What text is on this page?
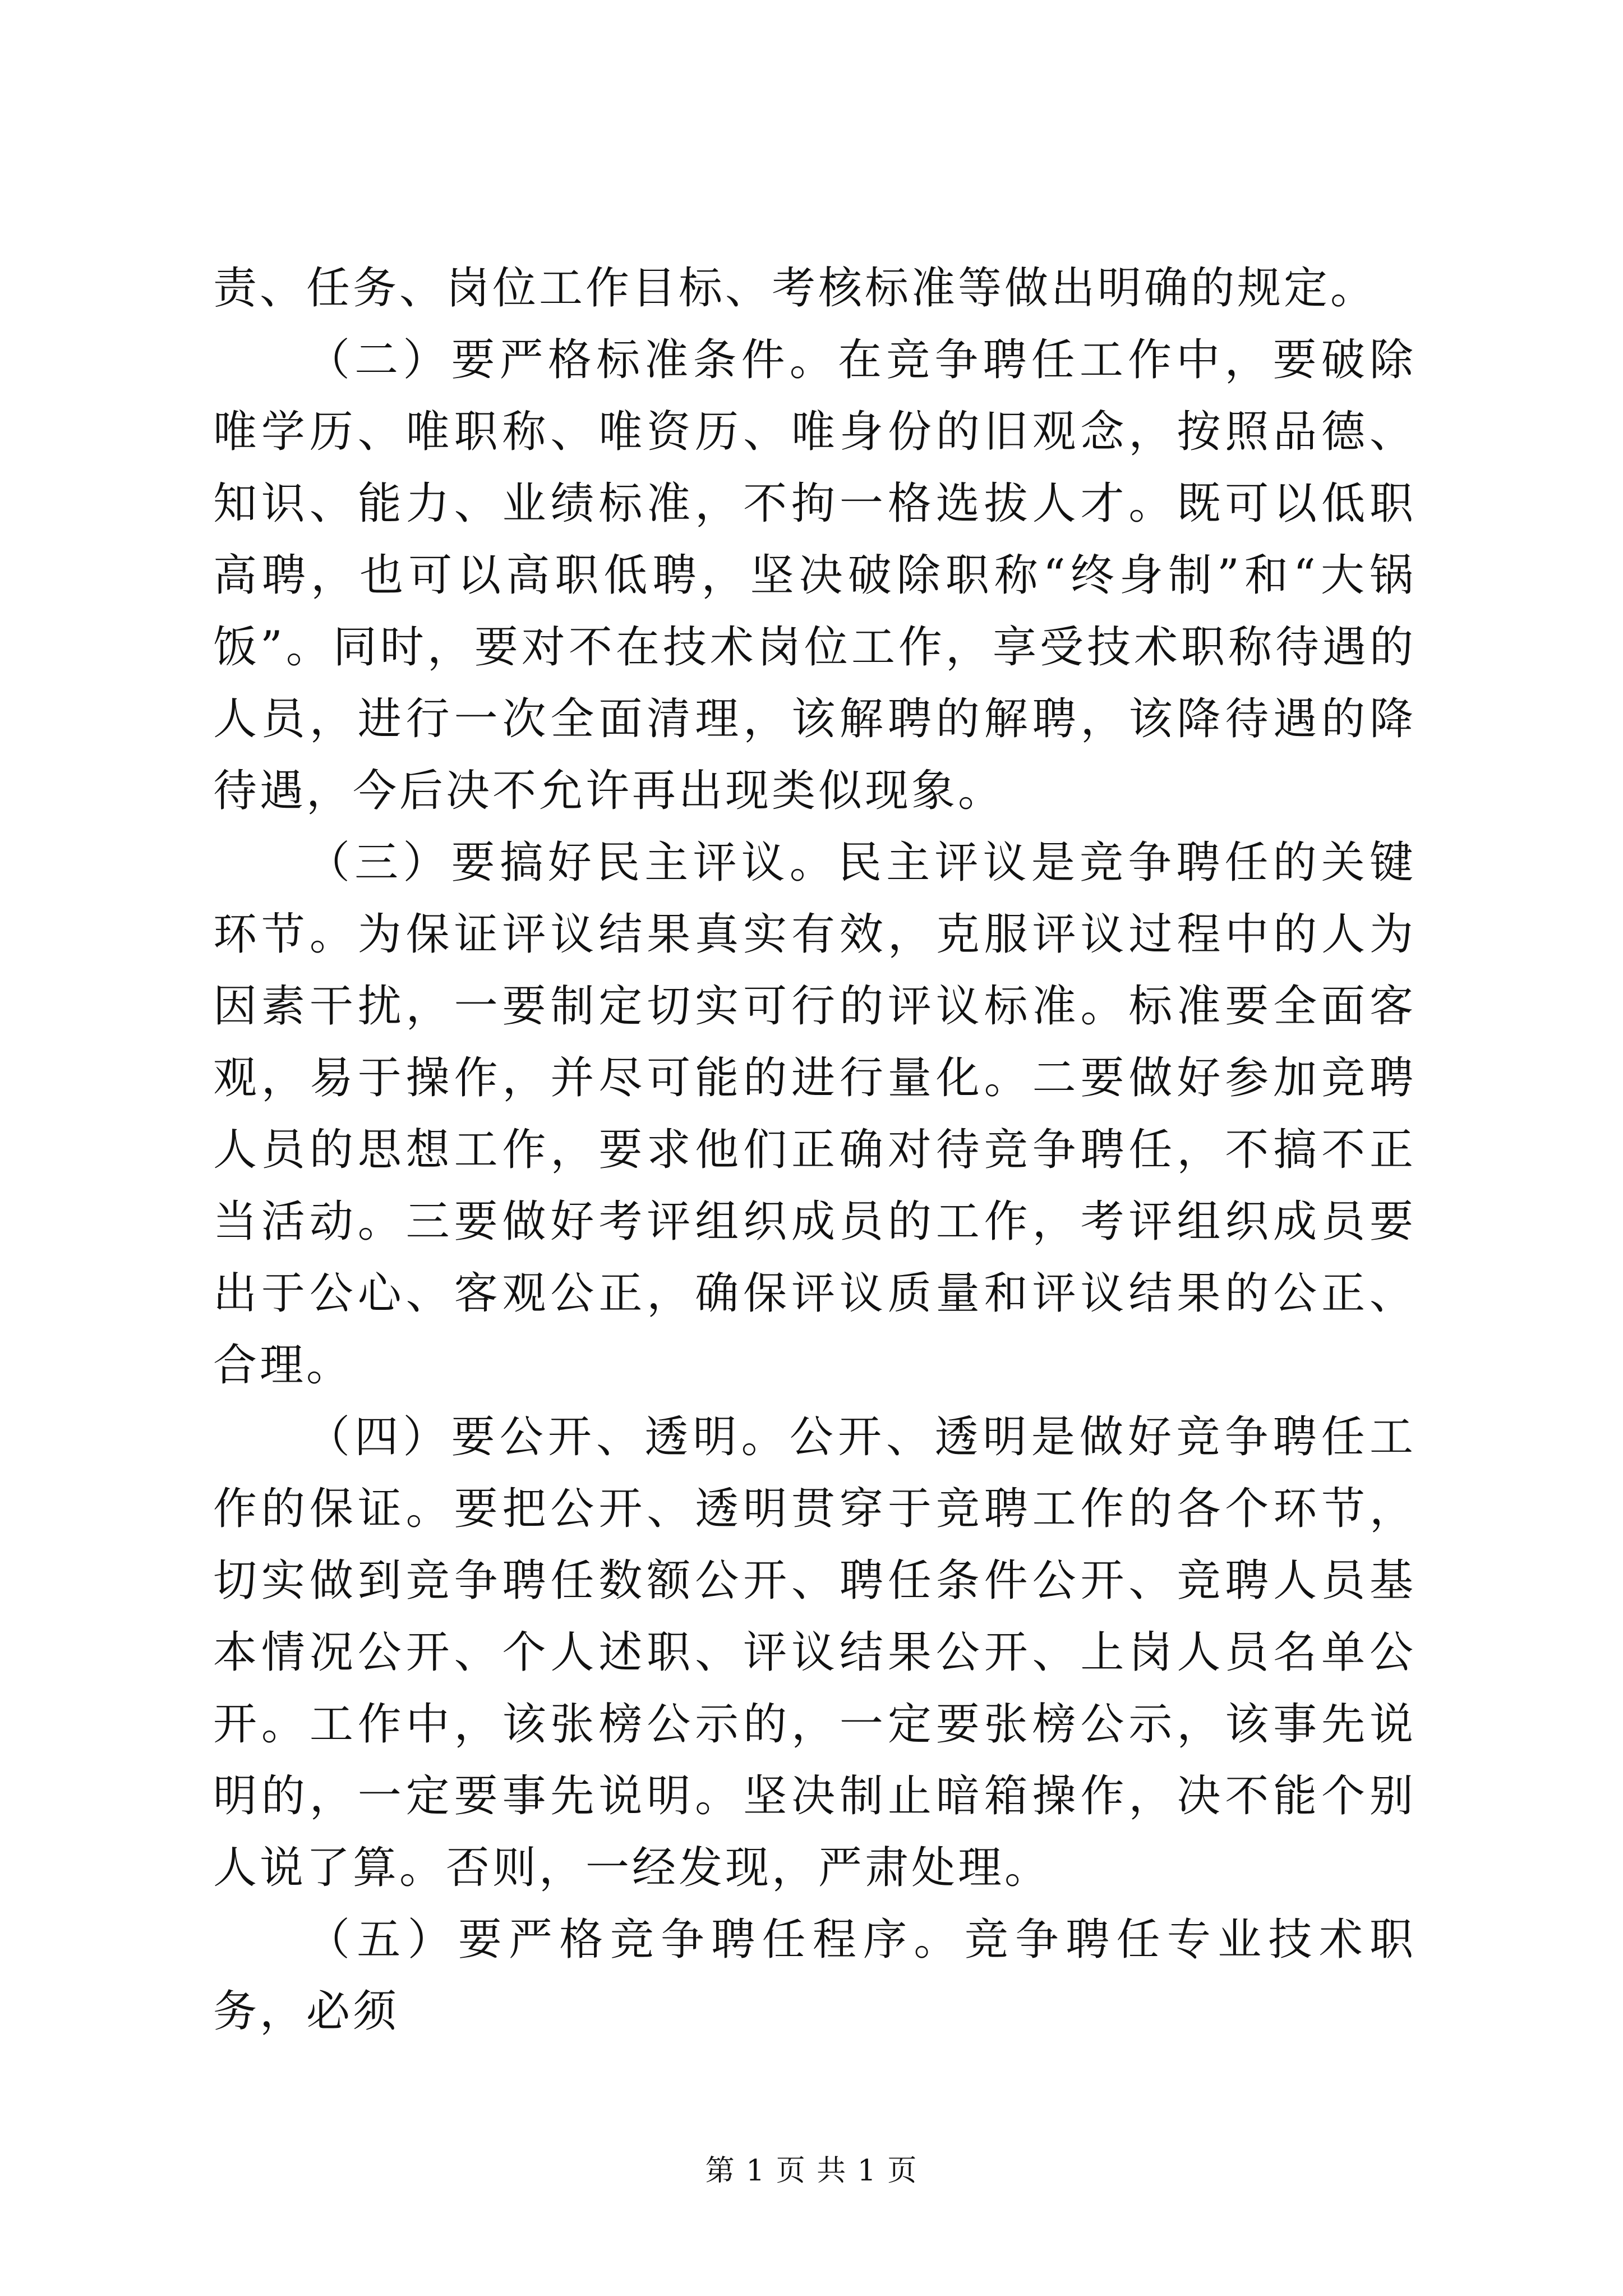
责、任务、岗位工作目标、考核标准等做出明确的规定。

（二）要严格标准条件。在竞争聘任工作中，要破除唯学历、唯职称、唯资历、唯身份的旧观念，按照品德、知识、能力、业绩标准，不拘一格选拔人才。既可以低职高聘，也可以高职低聘，坚决破除职称“终身制”和“大锅饭”。同时，要对不在技术岗位工作，享受技术职称待遇的人员，进行一次全面清理，该解聘的解聘，该降待遇的降待遇，今后决不允许再出现类似现象。

（三）要搞好民主评议。民主评议是竞争聘任的关键环节。为保证评议结果真实有效，克服评议过程中的人为因素干扰，一要制定切实可行的评议标准。标准要全面客观，易于操作，并尽可能的进行量化。二要做好参加竞聘人员的思想工作，要求他们正确对待竞争聘任，不搞不正当活动。三要做好考评组织成员的工作，考评组织成员要出于公心、客观公正，确保评议质量和评议结果的公正、合理。

（四）要公开、透明。公开、透明是做好竞争聘任工作的保证。要把公开、透明贯穿于竞聘工作的各个环节，切实做到竞争聘任数额公开、聘任条件公开、竞聘人员基本情况公开、个人述职、评议结果公开、上岗人员名单公开。工作中，该张榜公示的，一定要张榜公示，该事先说明的，一定要事先说明。坚决制止暗箱操作，决不能个别人说了算。否则，一经发现，严肃处理。

（五）要严格竞争聘任程序。竞争聘任专业技术职务，必须

第 1 页 共 1 页
